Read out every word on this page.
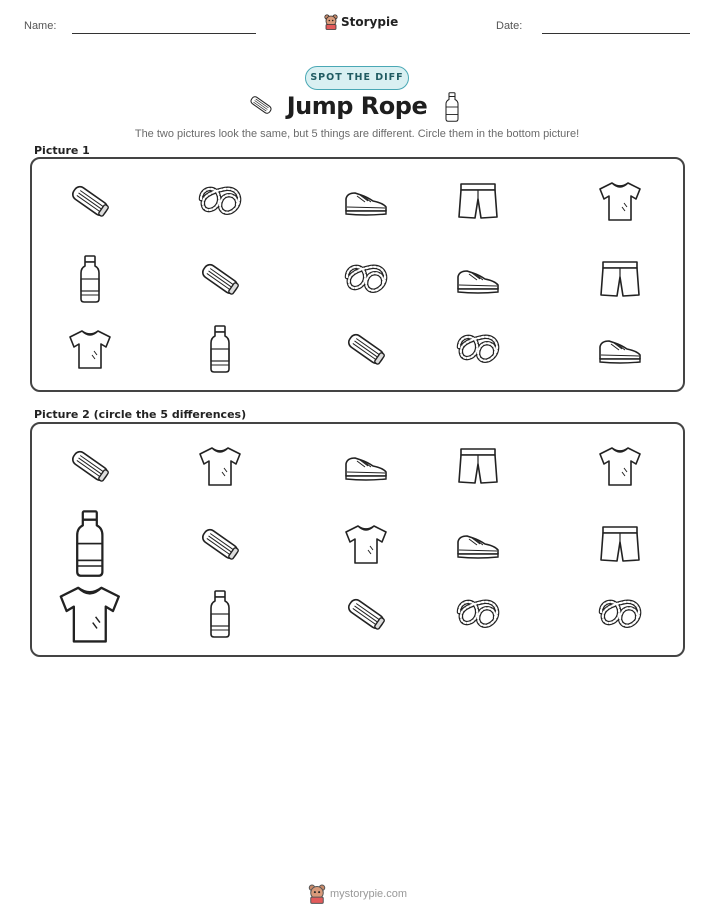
Name:	Storypie	Date:
SPOT THE DIFF
Jump Rope
The two pictures look the same, but 5 things are different. Circle them in the bottom picture!
Picture 1
Picture 2 (circle the 5 differences)
mystorypie.com
